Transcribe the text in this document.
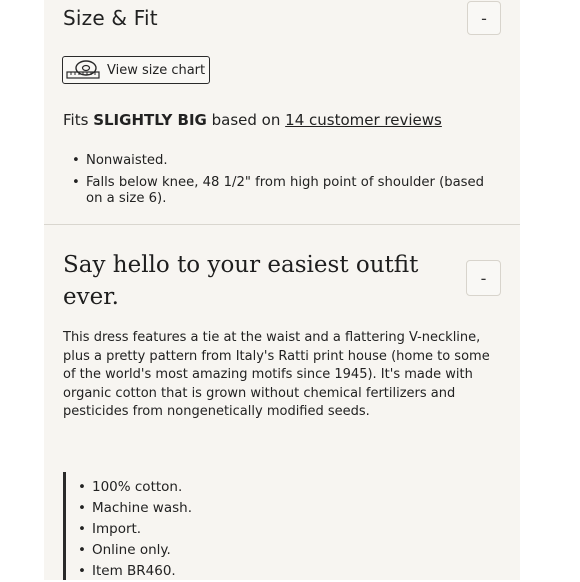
Size & Fit	-
View size chart
Fits SLIGHTLY BIG based on 14 customer reviews
• Nonwaisted.
• Falls below knee, 48 1/2" from high point of shoulder (based on a size 6).
Say hello to your easiest outfit ever.
-
This dress features a tie at the waist and a flattering V-neckline, plus a pretty pattern from Italy's Ratti print house (home to some of the world's most amazing motifs since 1945). It's made with organic cotton that is grown without chemical fertilizers and pesticides from nongenetically modified seeds.
• 100% cotton.
• Machine wash.
• Import.
• Online only.
• Item BR460.
